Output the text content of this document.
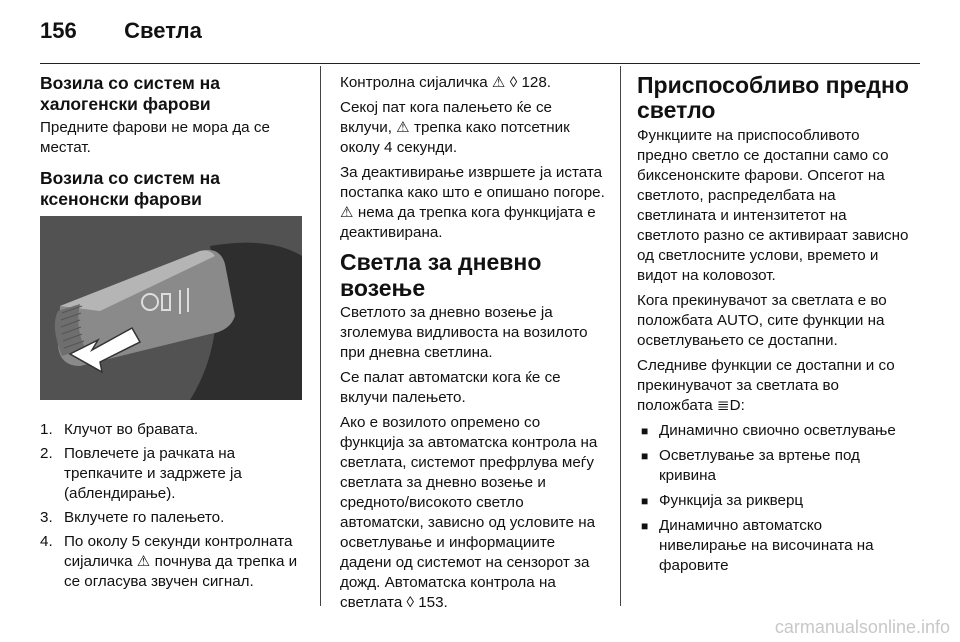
156 Светла
Возила со систем на халогенски фарови

Предните фарови не мора да се местат.

Возила со систем на ксенонски фарови
1. Клучот во бравата.
2. Повлечете ја рачката на трепкачите и задржете ја (аблендирање).
3. Вклучете го палењето.
4. По околу 5 секунди контролната сијаличка ⚠ почнува да трепка и се огласува звучен сигнал.

Контролна сијаличка ⚠ ◊ 128.

Секој пат кога палењето ќе се вклучи, ⚠ трепка како потсетник околу 4 секунди.

За деактивирање извршете ја истата постапка како што е опишано погоре. ⚠ нема да трепка кога функцијата е деактивирана.

Светла за дневно возење

Светлото за дневно возење ја зголемува видливоста на возилото при дневна светлина.

Се палат автоматски кога ќе се вклучи палењето.

Ако е возилото опремено со функција за автоматска контрола на светлата, системот префрлува меѓу светлата за дневно возење и средното/високото светло автоматски, зависно од условите на осветлување и информациите дадени од системот на сензорот за дожд. Автоматска контрола на светлата ◊ 153.

Приспособливо предно светло

Функциите на приспособливото предно светло се достапни само со биксенонските фарови. Опсегот на светлото, распределбата на светлината и интензитетот на светлото разно се активираат зависно од светлосните услови, времето и видот на коловозот.

Кога прекинувачот за светлата е во положбата AUTO, сите функции на осветлувањето се достапни.

Следниве функции се достапни и со прекинувачот за светлата во положбата ≣D:

■ Динамично свиочно осветлување
■ Осветлување за вртење под кривина
■ Функција за рикверц
■ Динамично автоматско нивелирање на височината на фаровите
carmanualsonline.info
